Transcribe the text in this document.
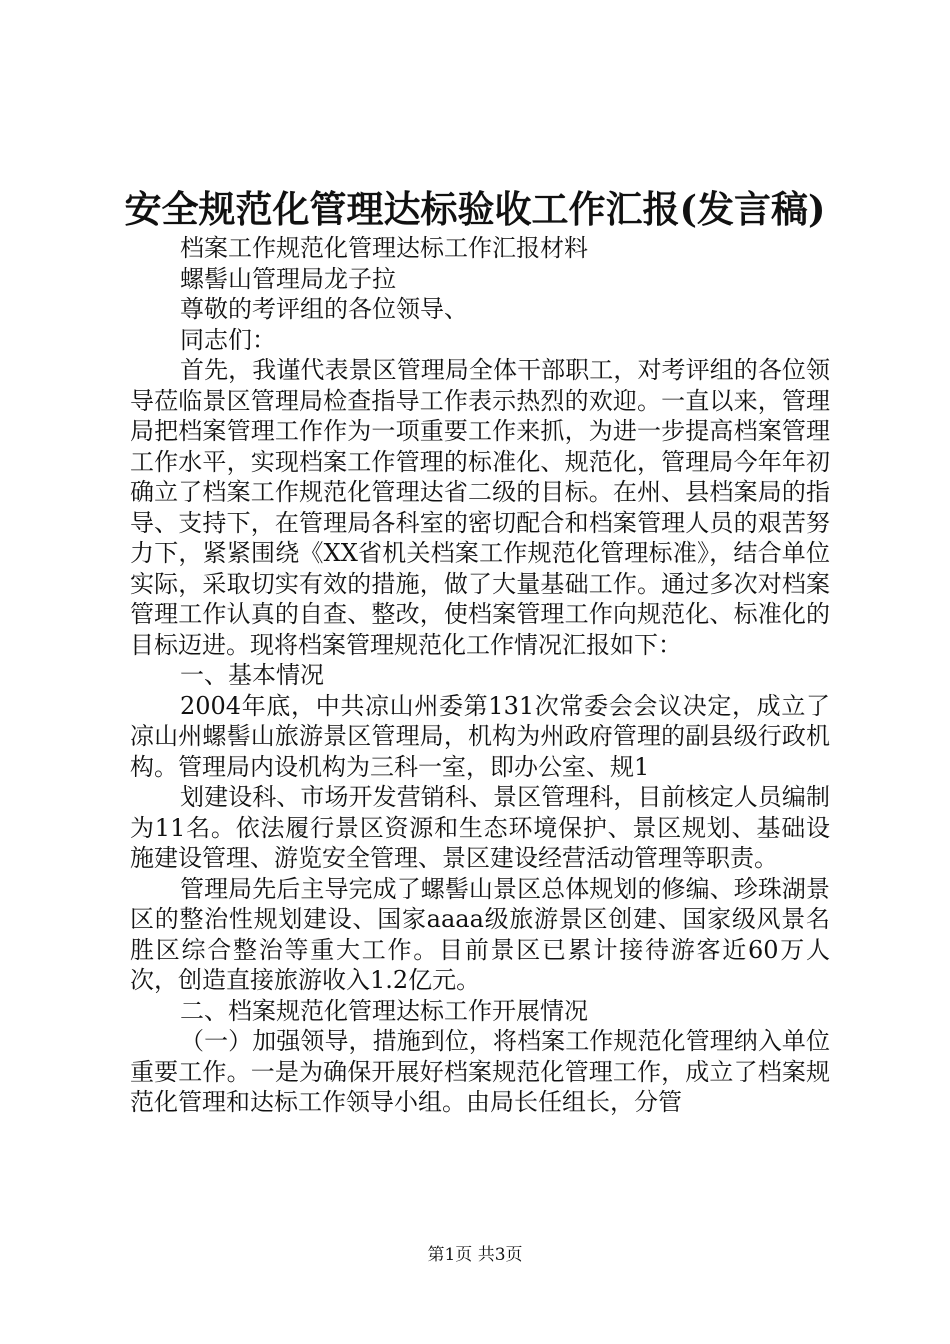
安全规范化管理达标验收工作汇报(发言稿)

档案工作规范化管理达标工作汇报材料

螺髻山管理局龙子拉

尊敬的考评组的各位领导、

同志们：

首先，我谨代表景区管理局全体干部职工，对考评组的各位领导莅临景区管理局检查指导工作表示热烈的欢迎。一直以来，管理局把档案管理工作作为一项重要工作来抓，为进一步提高档案管理工作水平，实现档案工作管理的标准化、规范化，管理局今年年初确立了档案工作规范化管理达省二级的目标。在州、县档案局的指导、支持下，在管理局各科室的密切配合和档案管理人员的艰苦努力下，紧紧围绕《XX省机关档案工作规范化管理标准》，结合单位实际，采取切实有效的措施，做了大量基础工作。通过多次对档案管理工作认真的自查、整改，使档案管理工作向规范化、标准化的目标迈进。现将档案管理规范化工作情况汇报如下：

一、基本情况

2004年底，中共凉山州委第131次常委会会议决定，成立了凉山州螺髻山旅游景区管理局，机构为州政府管理的副县级行政机构。管理局内设机构为三科一室，即办公室、规1

划建设科、市场开发营销科、景区管理科，目前核定人员编制为11名。依法履行景区资源和生态环境保护、景区规划、基础设施建设管理、游览安全管理、景区建设经营活动管理等职责。

管理局先后主导完成了螺髻山景区总体规划的修编、珍珠湖景区的整治性规划建设、国家aaaa级旅游景区创建、国家级风景名胜区综合整治等重大工作。目前景区已累计接待游客近60万人次，创造直接旅游收入1.2亿元。

二、档案规范化管理达标工作开展情况

（一）加强领导，措施到位，将档案工作规范化管理纳入单位重要工作。一是为确保开展好档案规范化管理工作，成立了档案规范化管理和达标工作领导小组。由局长任组长，分管

第1页 共3页
